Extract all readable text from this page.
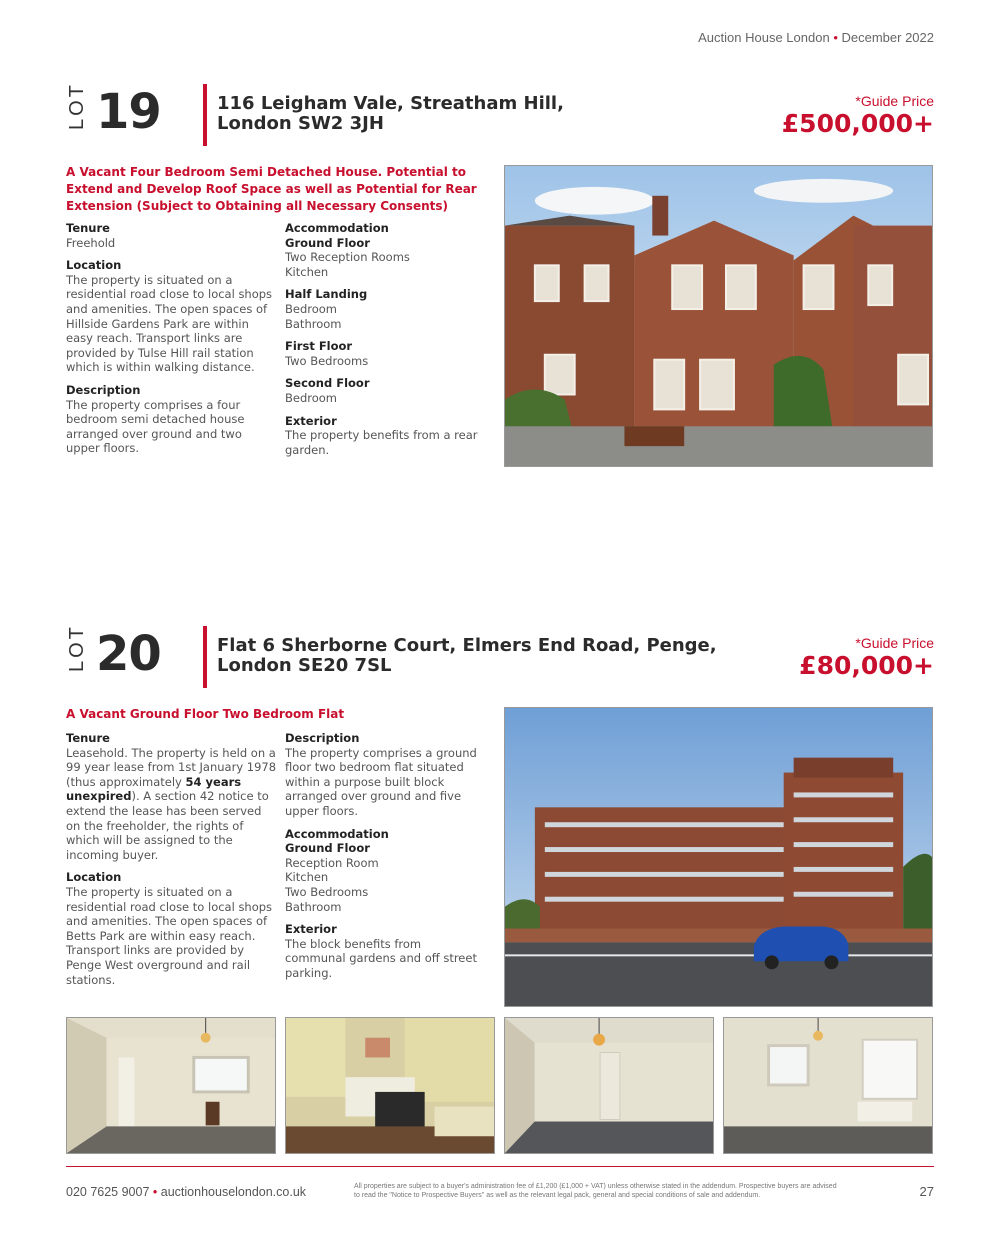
Auction House London • December 2022
LOT 19	116 Leigham Vale, Streatham Hill,
London SW2 3JH
*Guide Price
£500,000+
A Vacant Four Bedroom Semi Detached House. Potential to Extend and Develop Roof Space as well as Potential for Rear Extension (Subject to Obtaining all Necessary Consents)
Tenure
Freehold
Location
The property is situated on a residential road close to local shops and amenities. The open spaces of Hillside Gardens Park are within easy reach. Transport links are provided by Tulse Hill rail station which is within walking distance.
Description
The property comprises a four bedroom semi detached house arranged over ground and two upper floors.
Accommodation
Ground Floor
Two Reception Rooms
Kitchen
Half Landing
Bedroom
Bathroom
First Floor
Two Bedrooms
Second Floor
Bedroom
Exterior
The property benefits from a rear garden.
LOT 20	Flat 6 Sherborne Court, Elmers End Road, Penge,
London SE20 7SL
*Guide Price
£80,000+
A Vacant Ground Floor Two Bedroom Flat
Tenure
Leasehold. The property is held on a 99 year lease from 1st January 1978 (thus approximately 54 years unexpired). A section 42 notice to extend the lease has been served on the freeholder, the rights of which will be assigned to the incoming buyer.
Location
The property is situated on a residential road close to local shops and amenities. The open spaces of Betts Park are within easy reach. Transport links are provided by Penge West overground and rail stations.
Description
The property comprises a ground floor two bedroom flat situated within a purpose built block arranged over ground and five upper floors.
Accommodation
Ground Floor
Reception Room
Kitchen
Two Bedrooms
Bathroom
Exterior
The block benefits from communal gardens and off street parking.
020 7625 9007 • auctionhouselondon.co.uk	All properties are subject to a buyer's administration fee of £1,200 (£1,000 + VAT) unless otherwise stated in the addendum. Prospective buyers are advised to read the "Notice to Prospective Buyers" as well as the relevant legal pack, general and special conditions of sale and addendum.	27
